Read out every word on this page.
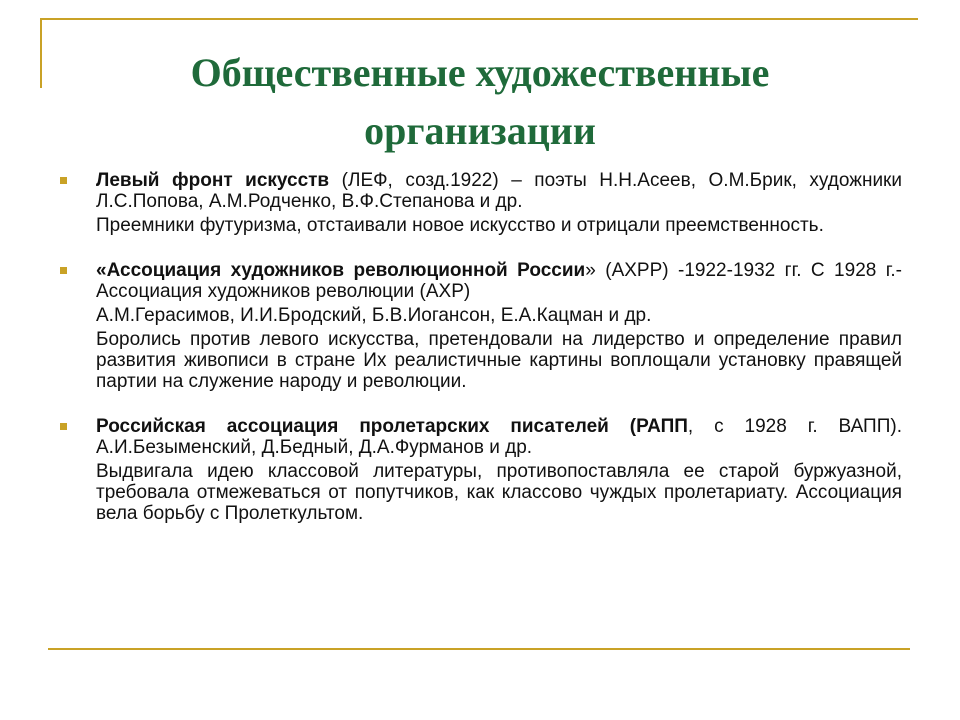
Общественные художественные
организации

Левый фронт искусств (ЛЕФ, созд.1922) – поэты Н.Н.Асеев, О.М.Брик, художники Л.С.Попова, А.М.Родченко, В.Ф.Степанова и др.

Преемники футуризма, отстаивали новое искусство и отрицали преемственность.

«Ассоциация художников революционной России» (АХРР) -1922-1932 гг. С 1928 г.- Ассоциация художников революции (АХР)

А.М.Герасимов, И.И.Бродский, Б.В.Иогансон, Е.А.Кацман и др.

Боролись против левого искусства, претендовали на лидерство и определение правил развития живописи в стране Их реалистичные картины воплощали установку правящей партии на служение народу и революции.

Российская ассоциация пролетарских писателей (РАПП, с 1928 г. ВАПП). А.И.Безыменский, Д.Бедный, Д.А.Фурманов и др.

Выдвигала идею классовой литературы, противопоставляла ее старой буржуазной, требовала отмежеваться от попутчиков, как классово чуждых пролетариату. Ассоциация вела борьбу с Пролеткультом.
